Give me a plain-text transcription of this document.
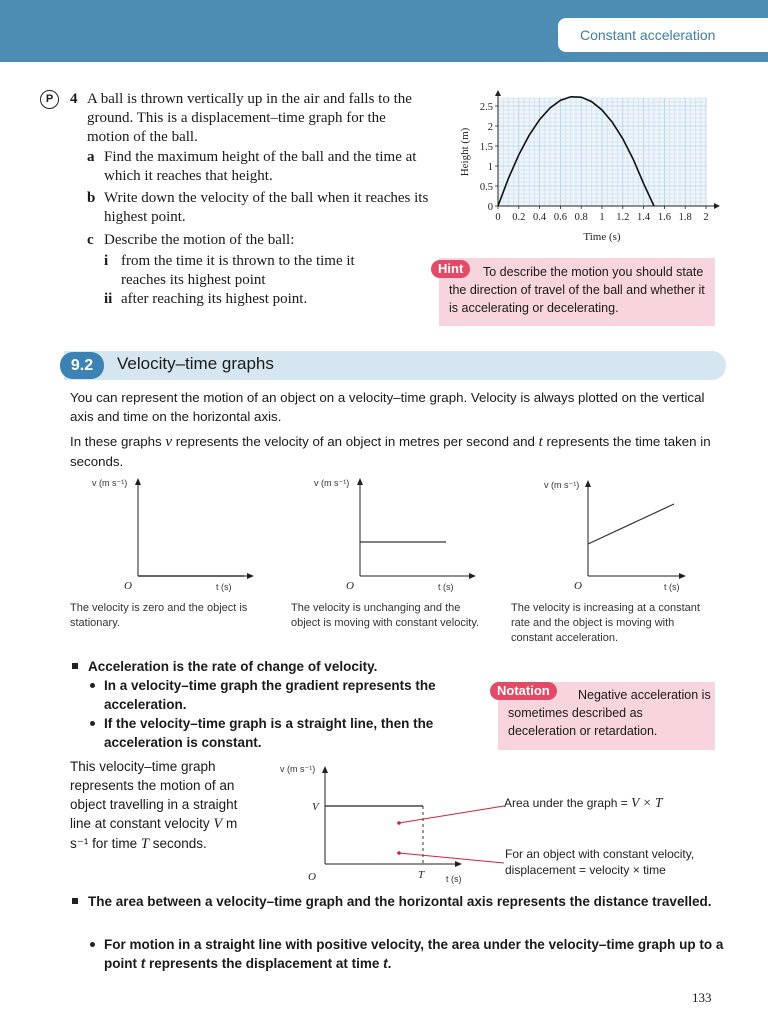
Constant acceleration
P	4 A ball is thrown vertically up in the air and falls to the ground. This is a displacement–time graph for the motion of the ball.
a Find the maximum height of the ball and the time at which it reaches that height.
b Write down the velocity of the ball when it reaches its highest point.
c Describe the motion of the ball:
i from the time it is thrown to the time it reaches its highest point
ii after reaching its highest point.
0 0.2 0.4 0.6 0.8 1 1.2 1.4 1.6 1.8 2
0
0.5
1
1.5
2
2.5
Time (s)
Height (m)
Hint	To describe the motion you should state the direction of travel of the ball and whether it is accelerating or decelerating.
9.2	Velocity–time graphs
You can represent the motion of an object on a velocity–time graph. Velocity is always plotted on the vertical axis and time on the horizontal axis.
In these graphs v represents the velocity of an object in metres per second and t represents the time taken in seconds.
v (m s⁻¹)
O	t (s)
v (m s⁻¹)
O	t (s)
v (m s⁻¹)
O	t (s)
The velocity is zero and the object is stationary.
The velocity is unchanging and the object is moving with constant velocity.
The velocity is increasing at a constant rate and the object is moving with constant acceleration.
Acceleration is the rate of change of velocity.
In a velocity–time graph the gradient represents the acceleration.
If the velocity–time graph is a straight line, then the acceleration is constant.
Notation	Negative acceleration is sometimes described as deceleration or retardation.
This velocity–time graph represents the motion of an object travelling in a straight line at constant velocity V m s⁻¹ for time T seconds.
v (m s⁻¹)
V
T
O	t (s)
Area under the graph = V × T
For an object with constant velocity, displacement = velocity × time
The area between a velocity–time graph and the horizontal axis represents the distance travelled.
For motion in a straight line with positive velocity, the area under the velocity–time graph up to a point t represents the displacement at time t.
133
